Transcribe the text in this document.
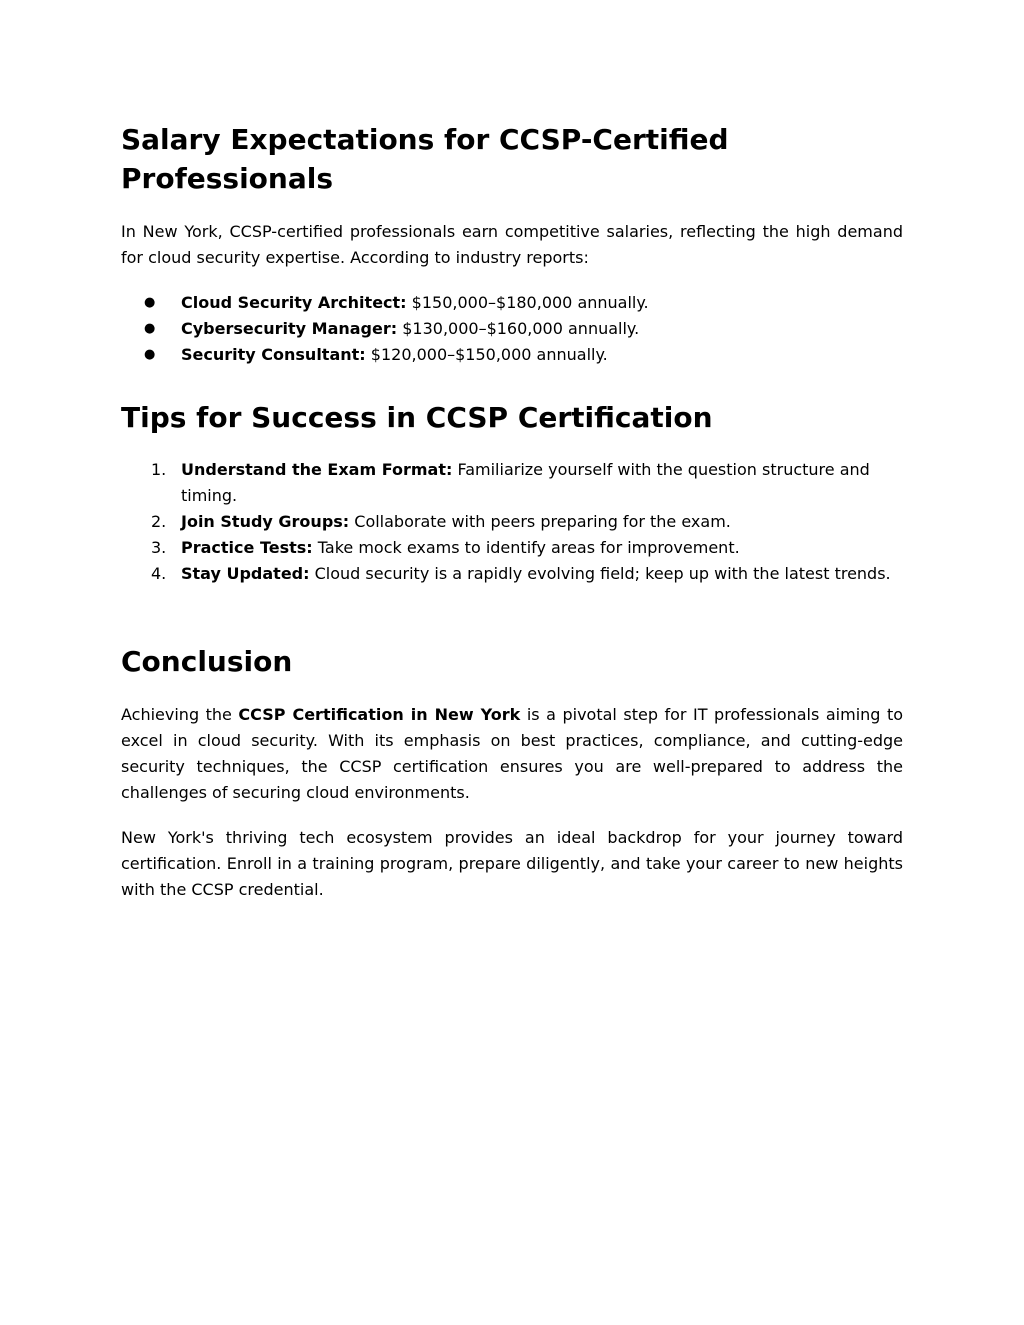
Salary Expectations for CCSP-Certified
Professionals

In New York, CCSP-certified professionals earn competitive salaries, reflecting the high demand for cloud security expertise. According to industry reports:

● Cloud Security Architect: $150,000–$180,000 annually.
● Cybersecurity Manager: $130,000–$160,000 annually.
● Security Consultant: $120,000–$150,000 annually.
Tips for Success in CCSP Certification
1. Understand the Exam Format: Familiarize yourself with the question structure and timing.
2. Join Study Groups: Collaborate with peers preparing for the exam.
3. Practice Tests: Take mock exams to identify areas for improvement.
4. Stay Updated: Cloud security is a rapidly evolving field; keep up with the latest trends.
Conclusion

Achieving the CCSP Certification in New York is a pivotal step for IT professionals aiming to excel in cloud security. With its emphasis on best practices, compliance, and cutting-edge security techniques, the CCSP certification ensures you are well-prepared to address the challenges of securing cloud environments.

New York's thriving tech ecosystem provides an ideal backdrop for your journey toward certification. Enroll in a training program, prepare diligently, and take your career to new heights with the CCSP credential.
